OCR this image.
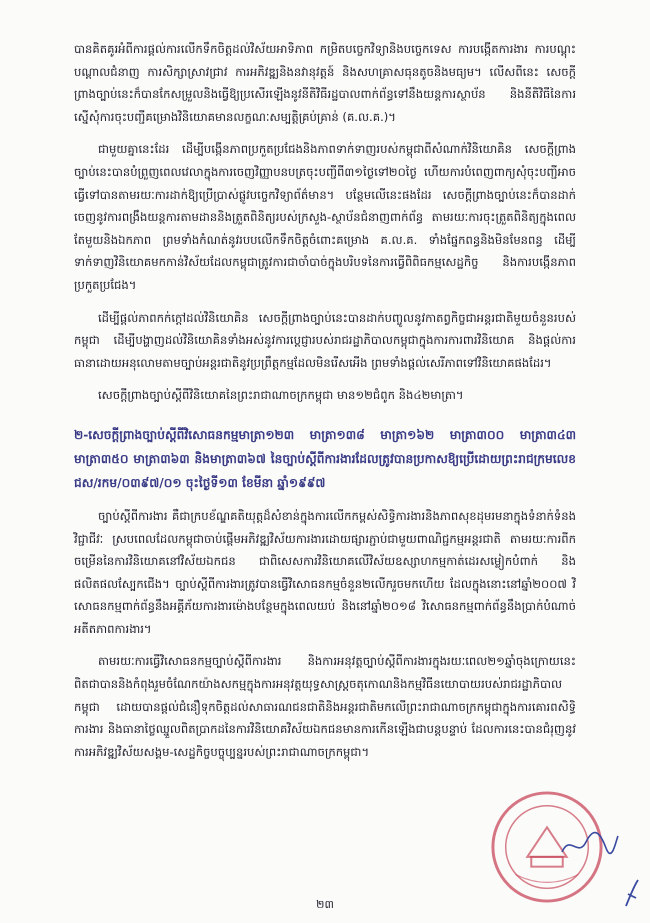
បានគិតគូរអំពីការផ្ដល់ការលើកទឹកចិត្តដល់វិស័យអាទិភាព កម្រិតបច្ចេកវិទ្យានិងបច្ចេកទេស ការបង្កើតការងារ ការបណ្ដុះបណ្ដាលជំនាញ ការសិក្សាស្រាវជ្រាវ ការអភិវឌ្ឍនិងនវានុវត្តន៍ និងសហគ្រាសធុនតូចនិងមធ្យម។ លើសពីនេះ សេចក្តីព្រាងច្បាប់នេះក៏បានកែសម្រួលនិងធ្វើឱ្យប្រសើរឡើងនូវនីតិវិធីរដ្ឋបាលពាក់ព័ន្ធទៅនឹងយន្តការស្ថាប័ន និងនីតិវិធីនៃការស្នើសុំការចុះបញ្ជីគម្រោងវិនិយោគមានលក្ខណៈសម្បត្តិគ្រប់គ្រាន់ (គ.ល.គ.)។

ជាមួយគ្នានេះដែរ ដើម្បីបង្កើនភាពប្រកួតប្រជែងនិងភាពទាក់ទាញរបស់កម្ពុជាពីសំណាក់វិនិយោគិន សេចក្តីព្រាងច្បាប់នេះបានបំព្រួញពេលវេលាក្នុងការចេញវិញ្ញាបនបត្រចុះបញ្ជីពី៣១ថ្ងៃទៅ២០ថ្ងៃ ហើយការបំពេញពាក្យសុំចុះបញ្ជីអាចធ្វើទៅបានតាមរយៈការដាក់ឱ្យប្រើប្រាស់ផ្លូវបច្ចេកវិទ្យាព័ត៌មាន។ បន្ថែមលើនេះផងដែរ សេចក្តីព្រាងច្បាប់នេះក៏បានដាក់ចេញនូវការពង្រឹងយន្តការតាមដាននិងត្រួតពិនិត្យរបស់ក្រសួង-ស្ថាប័នជំនាញពាក់ព័ន្ធ តាមរយៈការចុះត្រួតពិនិត្យក្នុងពេលតែមួយនិងឯកភាព ព្រមទាំងកំណត់នូវរបបលើកទឹកចិត្តចំពោះគម្រោង គ.ល.គ. ទាំងផ្នែកពន្ធនិងមិនមែនពន្ធ ដើម្បីទាក់ទាញវិនិយោគមកកាន់វិស័យដែលកម្ពុជាត្រូវការជាចាំបាច់ក្នុងបរិបទនៃការធ្វើពិពិធកម្មសេដ្ឋកិច្ច និងការបង្កើនភាពប្រកួតប្រជែង។

ដើម្បីផ្ដល់ភាពកក់ក្ដៅដល់វិនិយោគិន សេចក្តីព្រាងច្បាប់នេះបានដាក់បញ្ចូលនូវកាតព្វកិច្ចជាអន្តរជាតិមួយចំនួនរបស់កម្ពុជា ដើម្បីបង្ហាញដល់វិនិយោគិនទាំងអស់នូវការប្ដេជ្ញារបស់រាជរដ្ឋាភិបាលកម្ពុជាក្នុងការការពារវិនិយោគ និងផ្ដល់ការធានាដោយអនុលោមតាមច្បាប់អន្តរជាតិនូវប្រព្រឹត្តកម្មដែលមិនរើសអើង ព្រមទាំងផ្ដល់សេរីភាពទៅវិនិយោគផងដែរ។

សេចក្តីព្រាងច្បាប់ស្តីពីវិនិយោគនៃព្រះរាជាណាចក្រកម្ពុជា មាន១២ជំពូក និង៤២មាត្រា។

២-សេចក្តីព្រាងច្បាប់ស្តីពីវិសោធនកម្មមាត្រា១២៣ មាត្រា១៣៨ មាត្រា១៦២ មាត្រា៣០០ មាត្រា៣៤៣ មាត្រា៣៥០ មាត្រា៣៦៣ និងមាត្រា៣៦៧ នៃច្បាប់ស្តីពីការងារដែលត្រូវបានប្រកាសឱ្យប្រើដោយព្រះរាជក្រមលេខ ជស/រកម/០៣៩៧/០១ ចុះថ្ងៃទី១៣ ខែមីនា ឆ្នាំ១៩៩៧

ច្បាប់ស្តីពីការងារ គឺជាក្របខ័ណ្ឌគតិយុត្តដ៏សំខាន់ក្នុងការលើកកម្ពស់សិទ្ធិការងារនិងភាពសុខដុមរមនាក្នុងទំនាក់ទំនងវិជ្ជាជីវៈ ស្របពេលដែលកម្ពុជាចាប់ផ្ដើមអភិវឌ្ឍវិស័យការងារដោយផ្សារភ្ជាប់ជាមួយពាណិជ្ជកម្មអន្តរជាតិ តាមរយៈការពីកចម្រើននៃការវិនិយោគនៅវិស័យឯកជន ជាពិសេសការវិនិយោគលើវិស័យឧស្សាហកម្មកាត់ដេរសម្លៀកបំពាក់ និងផលិតផលស្បែកជើង។ ច្បាប់ស្តីពីការងារត្រូវបានធ្វើវិសោធនកម្មចំនួន២លើករួចមកហើយ ដែលក្នុងនោះនៅឆ្នាំ២០០៧ វិសោធនកម្មពាក់ព័ន្ធនឹងអគ្គីភ័យការងារម៉ោងបន្ថែមក្នុងពេលយប់ និងនៅឆ្នាំ២០១៨ វិសោធនកម្មពាក់ព័ន្ធនឹងប្រាក់បំណាច់អតីតភាពការងារ។

តាមរយៈការធ្វើវិសោធនកម្មច្បាប់ស្តីពីការងារ និងការអនុវត្តច្បាប់ស្តីពីការងារក្នុងរយៈពេល២១ឆ្នាំចុងក្រោយនេះ ពិតជាបាននិងកំពុងរួមចំណែកយ៉ាងសកម្មក្នុងការអនុវត្តយុទ្ធសាស្ត្រចតុកោណនិងកម្មវិធីនយោបាយរបស់រាជរដ្ឋាភិបាលកម្ពុជា ដោយបានផ្ដល់ជំនឿទុកចិត្តដល់សាធារណជនជាតិនិងអន្តរជាតិមកលើព្រះរាជាណាចក្រកម្ពុជាក្នុងការគោរពសិទ្ធិការងារ និងធានាថ្លៃឈ្នួលពិតប្រាកដនៃការវិនិយោគវិស័យឯកជនមានការកើនឡើងជាបន្តបន្ទាប់ ដែលការនេះបានជំរុញនូវការអភិវឌ្ឍវិស័យសង្គម-សេដ្ឋកិច្ចបច្ចុប្បន្នរបស់ព្រះរាជាណាចក្រកម្ពុជា។

២៣
